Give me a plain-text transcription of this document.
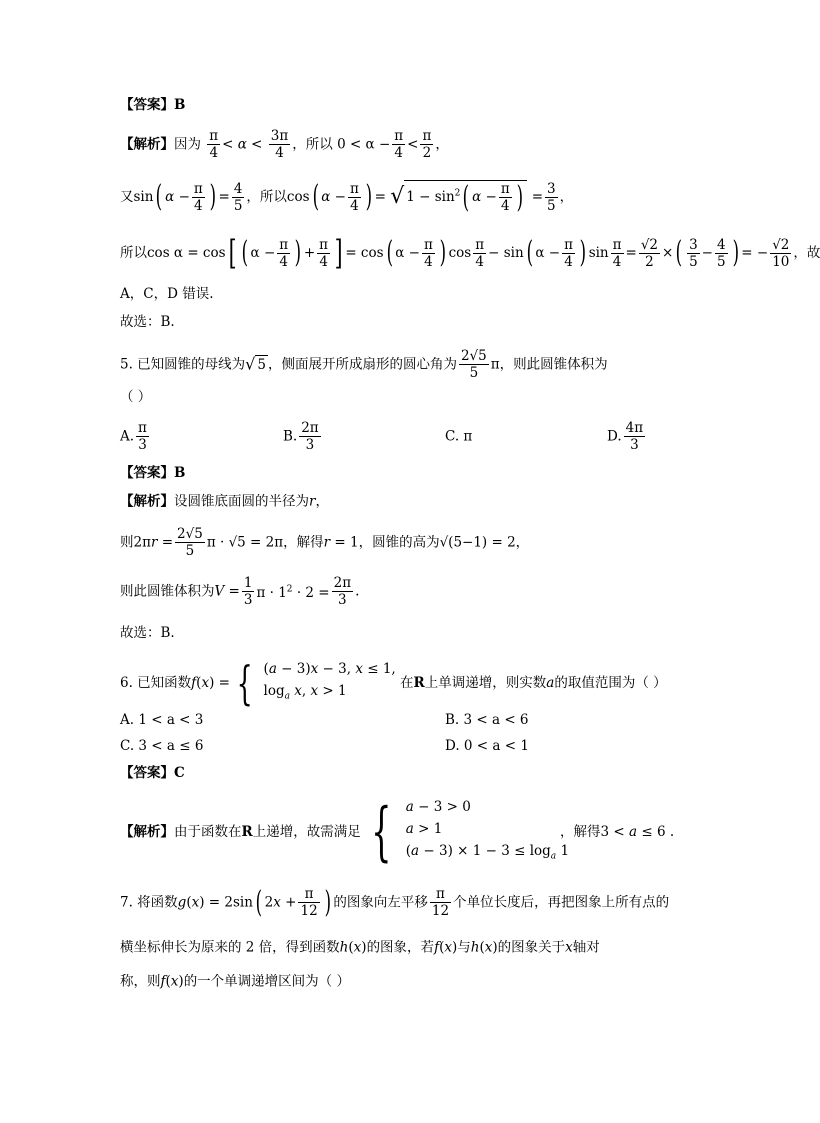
【答案】B
【解析】因为 $\frac{\pi}{4} < \alpha < \frac{3\pi}{4}$ ，所以 $0 < \alpha - \frac{\pi}{4} < \frac{\pi}{2}$ ，
又sin( $\alpha - \frac{\pi}{4}$ ) = $\frac{4}{5}$ ，所以cos( $\alpha - \frac{\pi}{4}$ ) = √ $1 - \sin^2$( $\alpha - \frac{\pi}{4}$ ) = $\frac{3}{5}$ ，
所以cos α = cos[ ( $\alpha - \frac{\pi}{4}$ ) + $\frac{\pi}{4}$ ] = cos( $\alpha - \frac{\pi}{4}$ ) $\cos \frac{\pi}{4} - \sin$( $\alpha - \frac{\pi}{4}$ ) $\sin \frac{\pi}{4} = \frac{√2}{2}$ ×( $\frac{3}{5} - \frac{4}{5}$ ) = − $\frac{√2}{10}$ ，故
A，C，D 错误.
故选：B.
5. 已知圆锥的母线为√ 5 ，侧面展开所成扇形的圆心角为 $\frac{2√5}{5}$ π，则此圆锥体积为
（ ）
A. $\frac{\pi}{3}$	B. $\frac{2\pi}{3}$	C. π	D. $\frac{4\pi}{3}$
【答案】B
【解析】设圆锥底面圆的半径为r，
则$2\pi r = \frac{2√5}{5}$ π · √5 = 2π，解得r = 1，圆锥的高为√(5−1) = 2，
则此圆锥体积为$V = \frac{1}{3}$ $\pi \cdot 1^2 \cdot 2 = \frac{2\pi}{3}$ .
故选：B.
6. 已知函数f(x) = { (a − 3)x − 3, x ≤ 1,
$\log_a x$, x > 1
在R上单调递增，则实数a的取值范围为（ ）
A. 1 < a < 3	B. 3 < a < 6
C. 3 < a ≤ 6	D. 0 < a < 1
【答案】C
【解析】由于函数在R上递增，故需满足 { a − 3 > 0
a > 1
$(a - 3) \times 1 - 3 \le \log_a 1$
，解得3 < a ≤ 6 .
7. 将函数g(x) = 2sin( $2x + \frac{\pi}{12}$ ) 的图象向左平移 $\frac{\pi}{12}$ 个单位长度后，再把图象上所有点的
横坐标伸长为原来的 2 倍，得到函数h(x)的图象，若f(x)与h(x)的图象关于x轴对
称，则f(x)的一个单调递增区间为（ ）
